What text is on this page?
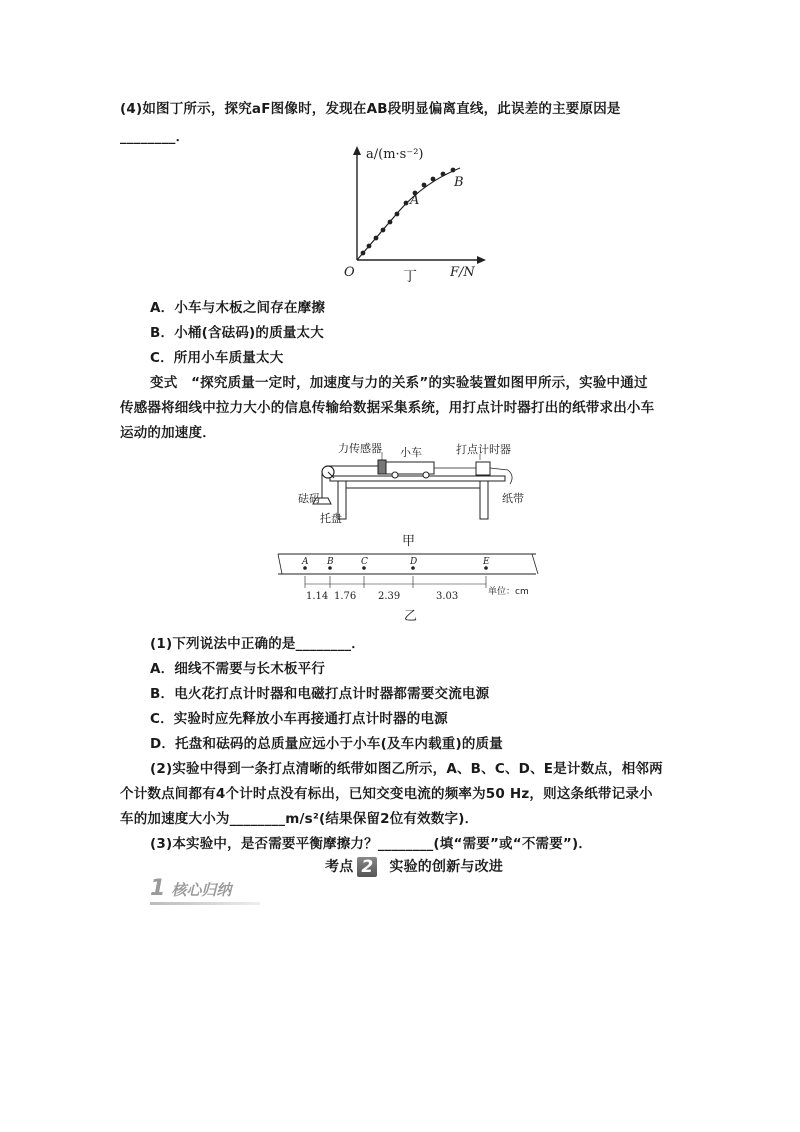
(4)如图丁所示，探究aF图像时，发现在AB段明显偏离直线，此误差的主要原因是
________．
a/(m·s⁻²)
F/N
O
A
B
丁
A．小车与木板之间存在摩擦
B．小桶(含砝码)的质量太大
C．所用小车质量太大
变式　“探究质量一定时，加速度与力的关系”的实验装置如图甲所示，实验中通过
传感器将细线中拉力大小的信息传输给数据采集系统，用打点计时器打出的纸带求出小车
运动的加速度．
力传感器 小车	打点计时器
砝码
托盘
纸带
甲
A B	C	D	E
1.14 1.76 2.39	3.03	单位：cm
乙
(1)下列说法中正确的是________．
A．细线不需要与长木板平行
B．电火花打点计时器和电磁打点计时器都需要交流电源
C．实验时应先释放小车再接通打点计时器的电源
D．托盘和砝码的总质量应远小于小车(及车内载重)的质量
(2)实验中得到一条打点清晰的纸带如图乙所示，A、B、C、D、E是计数点，相邻两
个计数点间都有4个计时点没有标出，已知交变电流的频率为50 Hz，则这条纸带记录小
车的加速度大小为________m/s²(结果保留2位有效数字)．
(3)本实验中，是否需要平衡摩擦力？________(填“需要”或“不需要”)．
考点 2 实验的创新与改进
1 核心归纳
